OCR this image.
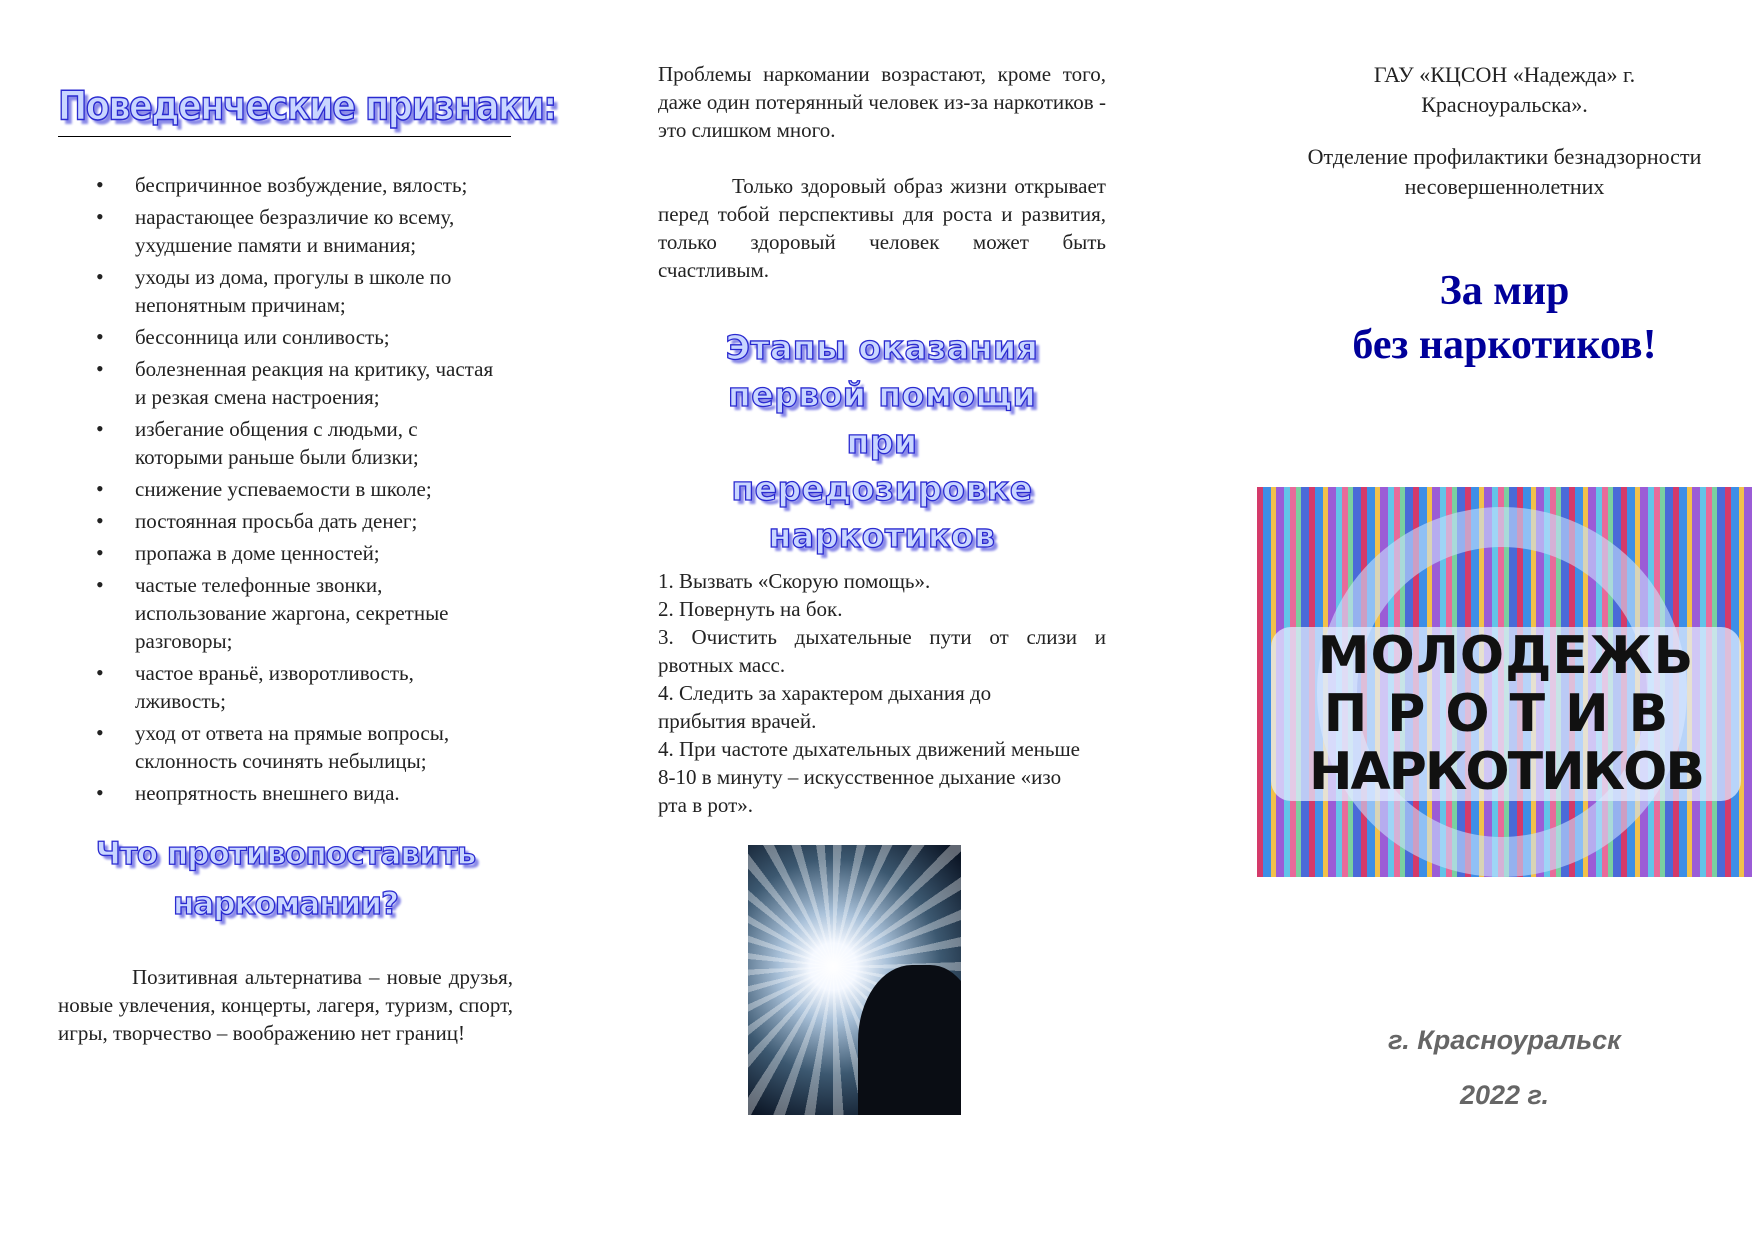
Поведенческие признаки:
• беспричинное возбуждение, вялость;
• нарастающее безразличие ко всему, ухудшение памяти и внимания;
• уходы из дома, прогулы в школе по непонятным причинам;
• бессонница или сонливость;
• болезненная реакция на критику, частая и резкая смена настроения;
• избегание общения с людьми, с которыми раньше были близки;
• снижение успеваемости в школе;
• постоянная просьба дать денег;
• пропажа в доме ценностей;
• частые телефонные звонки, использование жаргона, секретные разговоры;
• частое враньё, изворотливость, лживость;
• уход от ответа на прямые вопросы, склонность сочинять небылицы;
• неопрятность внешнего вида.
Что противопоставить
наркомании?

Позитивная альтернатива – новые друзья, новые увлечения, концерты, лагеря, туризм, спорт, игры, творчество – воображению нет границ!

Проблемы наркомании возрастают, кроме того, даже один потерянный человек из-за наркотиков - это слишком много.

Только здоровый образ жизни открывает перед тобой перспективы для роста и развития, только здоровый человек может быть счастливым.

Этапы оказания
первой помощи
при
передозировке
наркотиков

1. Вызвать «Скорую помощь».

2. Повернуть на бок.

3. Очистить дыхательные пути от слизи и рвотных масс.

4. Следить за характером дыхания до прибытия врачей.

4. При частоте дыхательных движений меньше 8-10 в минуту – искусственное дыхание «изо рта в рот».

ГАУ «КЦСОН «Надежда» г. Красноуральска».

Отделение профилактики безнадзорности несовершеннолетних

За мир
без наркотиков!
МОЛОДЕЖЬ
ПРОТИВ
НАРКОТИКОВ
г. Красноуральск
2022 г.
